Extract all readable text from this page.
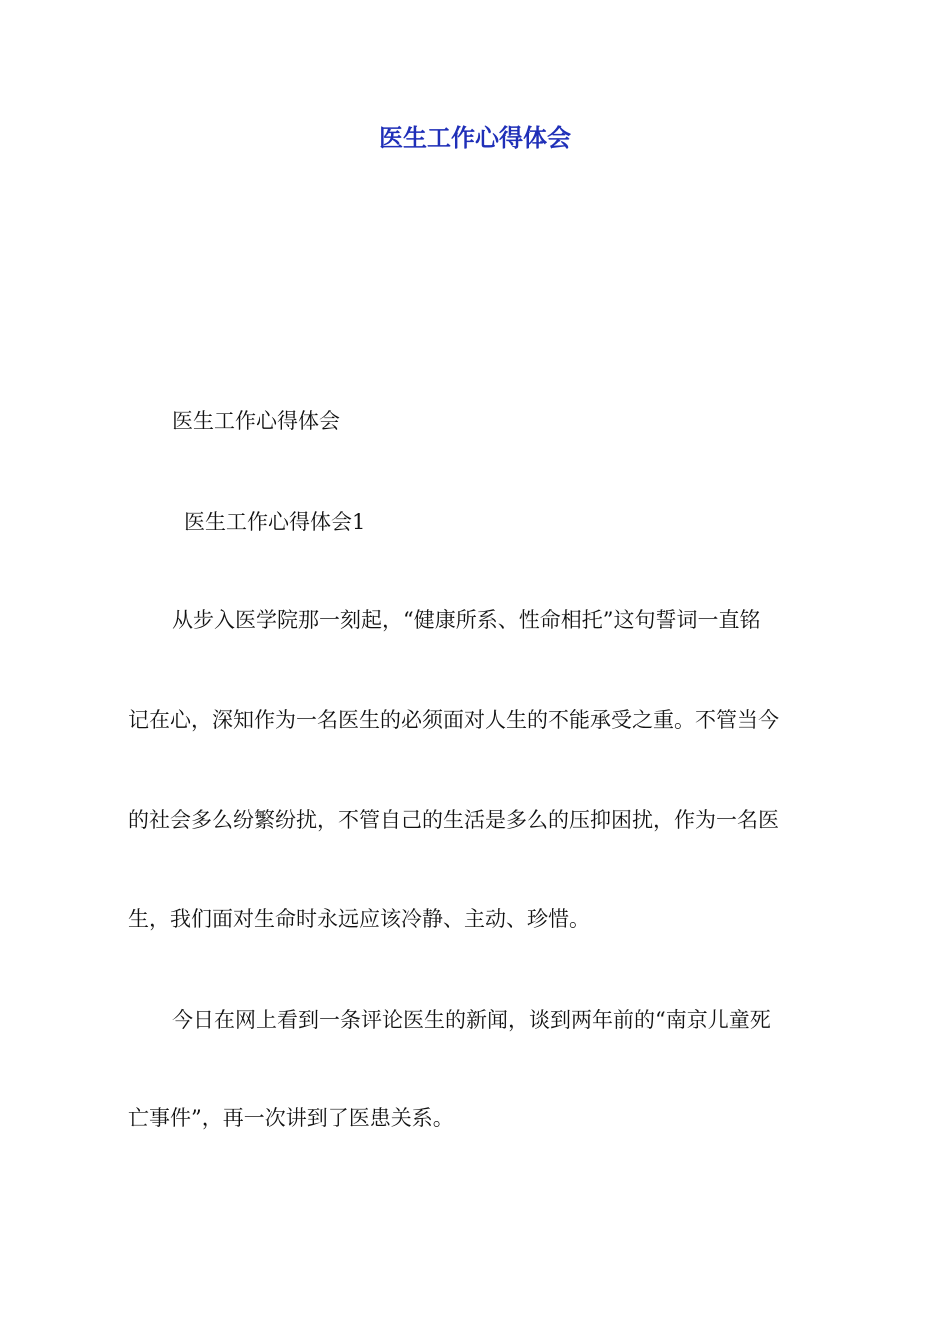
医生工作心得体会

医生工作心得体会

医生工作心得体会1

从步入医学院那一刻起，“健康所系、性命相托”这句誓词一直铭

记在心，深知作为一名医生的必须面对人生的不能承受之重。不管当今

的社会多么纷繁纷扰，不管自己的生活是多么的压抑困扰，作为一名医

生，我们面对生命时永远应该冷静、主动、珍惜。

今日在网上看到一条评论医生的新闻，谈到两年前的“南京儿童死

亡事件”，再一次讲到了医患关系。
